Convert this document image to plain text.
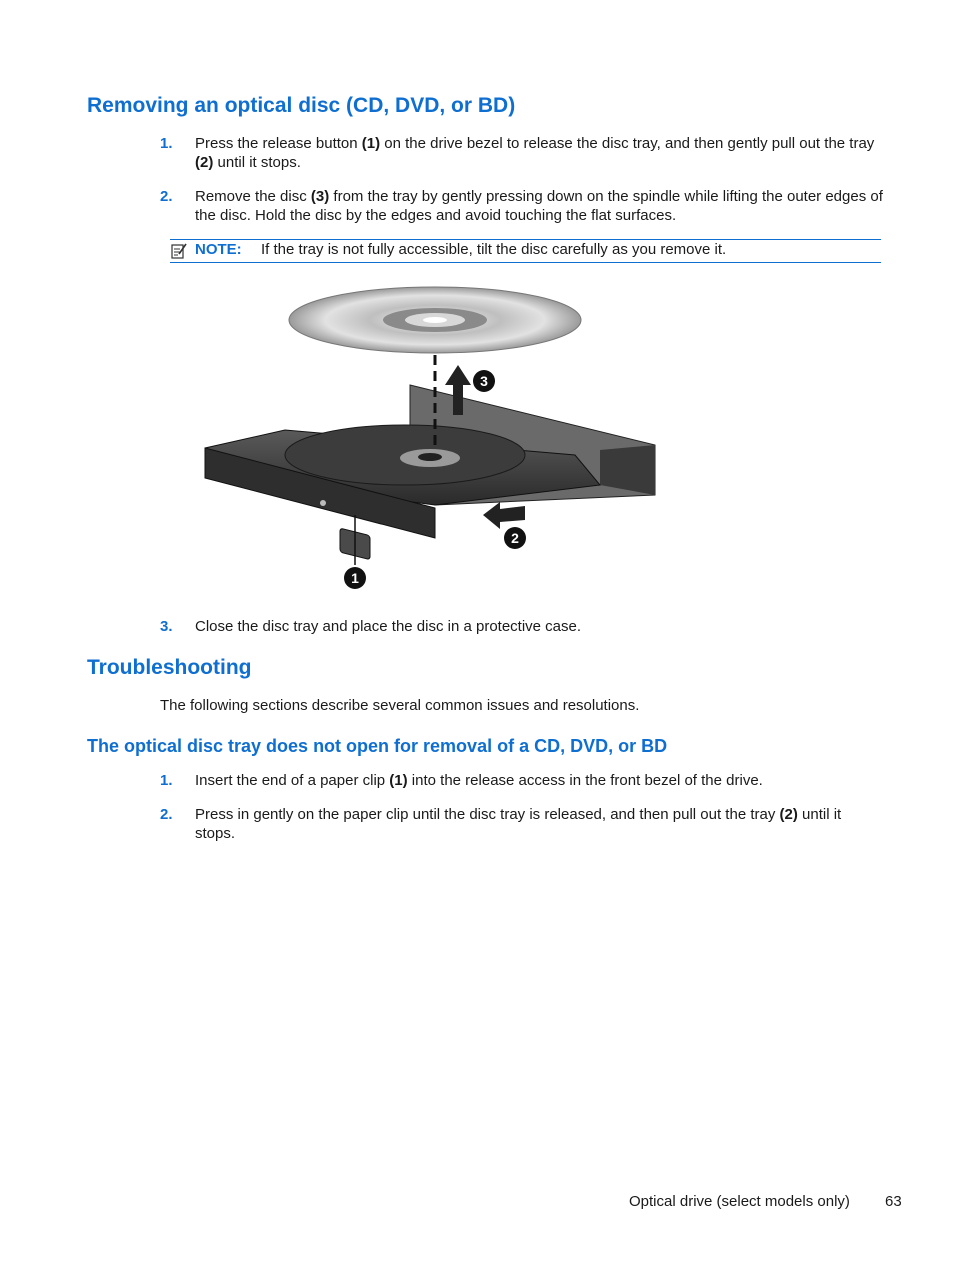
Removing an optical disc (CD, DVD, or BD)
1. Press the release button (1) on the drive bezel to release the disc tray, and then gently pull out the tray (2) until it stops.
2. Remove the disc (3) from the tray by gently pressing down on the spindle while lifting the outer edges of the disc. Hold the disc by the edges and avoid touching the flat surfaces.
NOTE: If the tray is not fully accessible, tilt the disc carefully as you remove it.
1
2
3
3. Close the disc tray and place the disc in a protective case.
Troubleshooting
The following sections describe several common issues and resolutions.
The optical disc tray does not open for removal of a CD, DVD, or BD
1. Insert the end of a paper clip (1) into the release access in the front bezel of the drive.
2. Press in gently on the paper clip until the disc tray is released, and then pull out the tray (2) until it stops.
Optical drive (select models only) 63
